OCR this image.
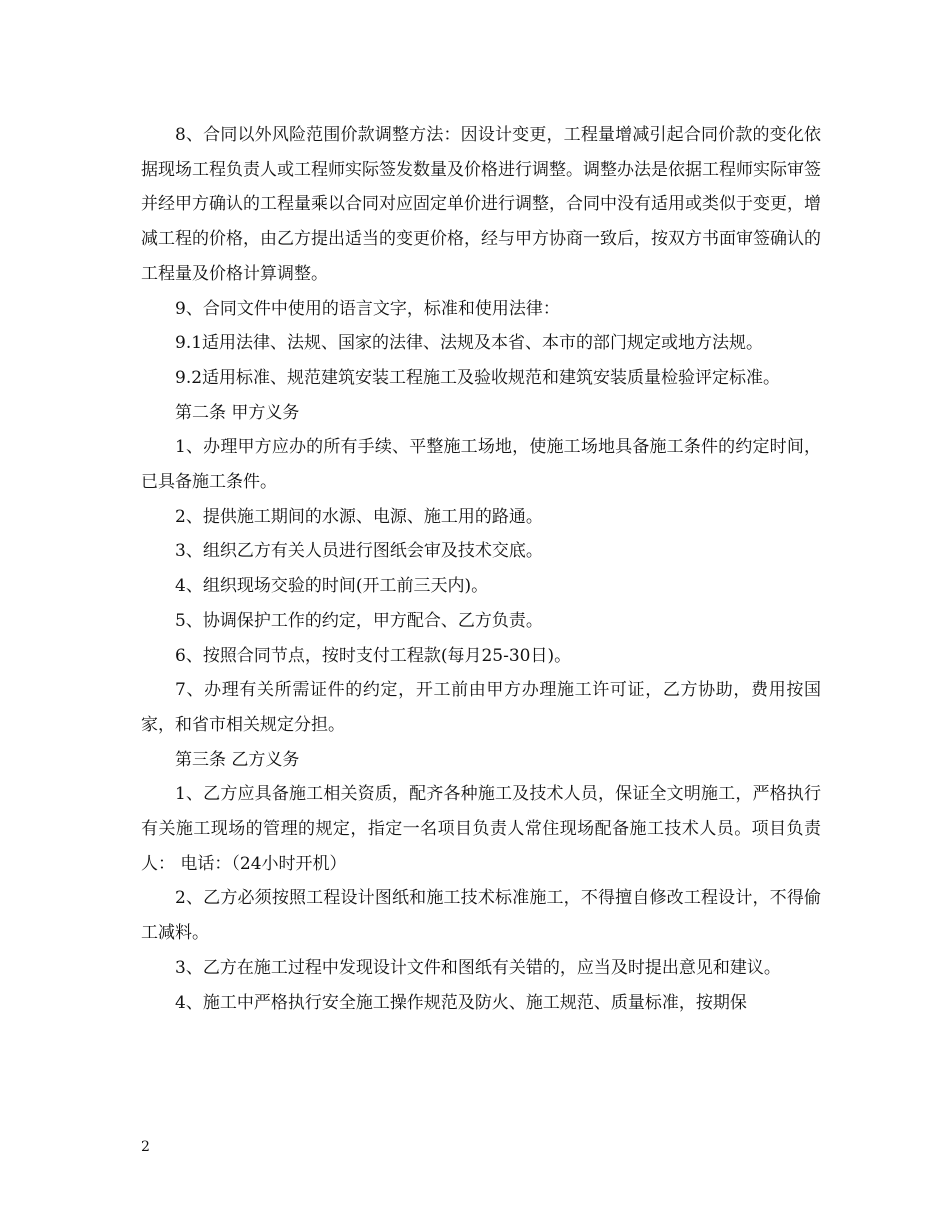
8、合同以外风险范围价款调整方法：因设计变更，工程量增减引起合同价款的变化依据现场工程负责人或工程师实际签发数量及价格进行调整。调整办法是依据工程师实际审签并经甲方确认的工程量乘以合同对应固定单价进行调整，合同中没有适用或类似于变更，增减工程的价格，由乙方提出适当的变更价格，经与甲方协商一致后，按双方书面审签确认的工程量及价格计算调整。

9、合同文件中使用的语言文字，标准和使用法律：

9.1适用法律、法规、国家的法律、法规及本省、本市的部门规定或地方法规。

9.2适用标准、规范建筑安装工程施工及验收规范和建筑安装质量检验评定标准。

第二条 甲方义务

1、办理甲方应办的所有手续、平整施工场地，使施工场地具备施工条件的约定时间，已具备施工条件。

2、提供施工期间的水源、电源、施工用的路通。

3、组织乙方有关人员进行图纸会审及技术交底。

4、组织现场交验的时间(开工前三天内)。

5、协调保护工作的约定，甲方配合、乙方负责。

6、按照合同节点，按时支付工程款(每月25-30日)。

7、办理有关所需证件的约定，开工前由甲方办理施工许可证，乙方协助，费用按国家，和省市相关规定分担。

第三条 乙方义务

1、乙方应具备施工相关资质，配齐各种施工及技术人员，保证全文明施工，严格执行有关施工现场的管理的规定，指定一名项目负责人常住现场配备施工技术人员。项目负责人： 电话：（24小时开机）

2、乙方必须按照工程设计图纸和施工技术标准施工，不得擅自修改工程设计，不得偷工减料。

3、乙方在施工过程中发现设计文件和图纸有关错的，应当及时提出意见和建议。

4、施工中严格执行安全施工操作规范及防火、施工规范、质量标准，按期保

2
